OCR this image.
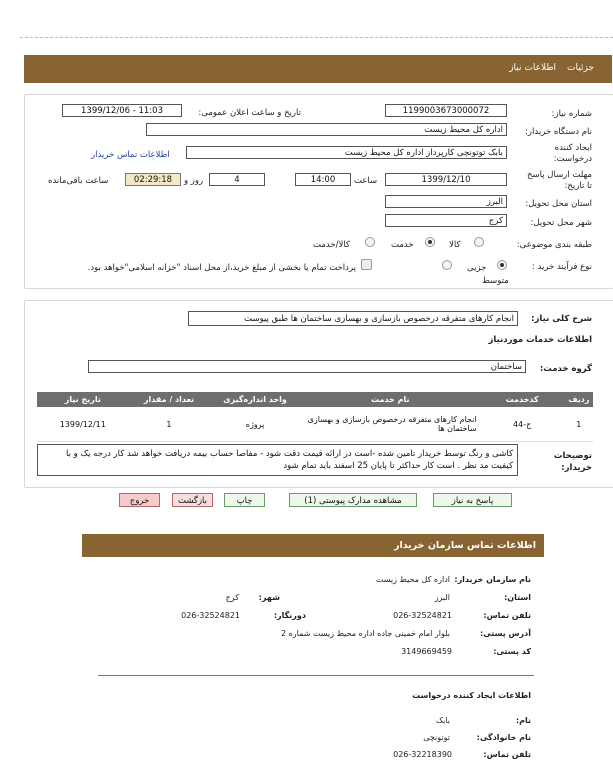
جزئیات
اطلاعات نیاز
شماره نیاز:
1199003673000072
تاریخ و ساعت اعلان عمومی:
1399/12/06 - 11:03
نام دستگاه خریدار:
اداره کل محیط زیست
ایجاد کننده درخواست:
بابک توتونچی کارپرداز اداره کل محیط زیست
اطلاعات تماس خریدار
مهلت ارسال پاسخ تا تاریخ:
1399/12/10
ساعت
14:00
4
روز و
02:29:18
ساعت باقی‌مانده
استان محل تحویل:
البرز
شهر محل تحویل:
کرج
طبقه بندی موضوعی:
کالا
خدمت
کالا/خدمت
نوع فرآیند خرید :
جزیی
متوسط
پرداخت تمام یا بخشی از مبلغ خرید،از محل اسناد "خزانه اسلامی"خواهد بود.
شرح کلی نیاز:
انجام کارهای متفرقه درخصوص بازسازی و بهسازی ساختمان ها طبق پیوست
اطلاعات خدمات موردنیاز
گروه خدمت:
ساختمان
ردیف	کدخدمت	نام خدمت	واحد اندازه‌گیری	تعداد / مقدار	تاریخ نیاز
1	ج-44	انجام کارهای متفرقه درخصوص بازسازی و بهسازی ساختمان ها	پروژه	1	1399/12/11
توضیحات خریدار:
کاشی و رنگ توسط خریدار تامین شده -است در ارائه قیمت دقت شود - مفاصا حساب بیمه دریافت خواهد شد کار درجه یک و با کیفیت مد نظر . است کار حداکثر تا پایان 25 اسفند باید تمام شود
پاسخ به نیاز
مشاهده مدارک پیوستی (1)
چاپ
بازگشت
خروج
اطلاعات تماس سازمان خریدار
نام سازمان خریدار:
اداره کل محیط زیست
استان:
البرز
شهر:
کرج
تلفن تماس:
026-32524821
دورنگار:
026-32524821
آدرس پستی:
بلوار امام خمینی جاده اداره محیط زیست شماره 2
کد پستی:
3149669459
اطلاعات ایجاد کننده درخواست
نام:
بابک
نام خانوادگی:
توتونچی
تلفن تماس:
026-32218390
